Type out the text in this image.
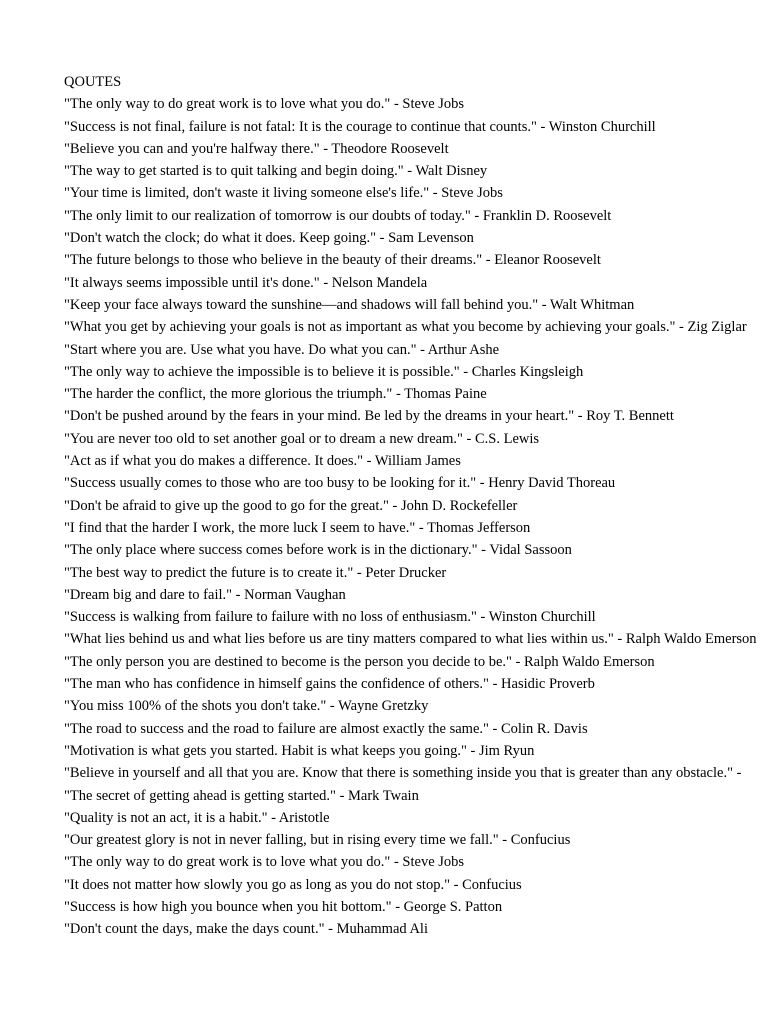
QOUTES
"The only way to do great work is to love what you do." - Steve Jobs
"Success is not final, failure is not fatal: It is the courage to continue that counts." - Winston Churchill
"Believe you can and you're halfway there." - Theodore Roosevelt
"The way to get started is to quit talking and begin doing." - Walt Disney
"Your time is limited, don't waste it living someone else's life." - Steve Jobs
"The only limit to our realization of tomorrow is our doubts of today." - Franklin D. Roosevelt
"Don't watch the clock; do what it does. Keep going." - Sam Levenson
"The future belongs to those who believe in the beauty of their dreams." - Eleanor Roosevelt
"It always seems impossible until it's done." - Nelson Mandela
"Keep your face always toward the sunshine—and shadows will fall behind you." - Walt Whitman
"What you get by achieving your goals is not as important as what you become by achieving your goals." - Zig Ziglar
"Start where you are. Use what you have. Do what you can." - Arthur Ashe
"The only way to achieve the impossible is to believe it is possible." - Charles Kingsleigh
"The harder the conflict, the more glorious the triumph." - Thomas Paine
"Don't be pushed around by the fears in your mind. Be led by the dreams in your heart." - Roy T. Bennett
"You are never too old to set another goal or to dream a new dream." - C.S. Lewis
"Act as if what you do makes a difference. It does." - William James
"Success usually comes to those who are too busy to be looking for it." - Henry David Thoreau
"Don't be afraid to give up the good to go for the great." - John D. Rockefeller
"I find that the harder I work, the more luck I seem to have." - Thomas Jefferson
"The only place where success comes before work is in the dictionary." - Vidal Sassoon
"The best way to predict the future is to create it." - Peter Drucker
"Dream big and dare to fail." - Norman Vaughan
"Success is walking from failure to failure with no loss of enthusiasm." - Winston Churchill
"What lies behind us and what lies before us are tiny matters compared to what lies within us." - Ralph Waldo Emerson
"The only person you are destined to become is the person you decide to be." - Ralph Waldo Emerson
"The man who has confidence in himself gains the confidence of others." - Hasidic Proverb
"You miss 100% of the shots you don't take." - Wayne Gretzky
"The road to success and the road to failure are almost exactly the same." - Colin R. Davis
"Motivation is what gets you started. Habit is what keeps you going." - Jim Ryun
"Believe in yourself and all that you are. Know that there is something inside you that is greater than any obstacle." -
"The secret of getting ahead is getting started." - Mark Twain
"Quality is not an act, it is a habit." - Aristotle
"Our greatest glory is not in never falling, but in rising every time we fall." - Confucius
"The only way to do great work is to love what you do." - Steve Jobs
"It does not matter how slowly you go as long as you do not stop." - Confucius
"Success is how high you bounce when you hit bottom." - George S. Patton
"Don't count the days, make the days count." - Muhammad Ali
